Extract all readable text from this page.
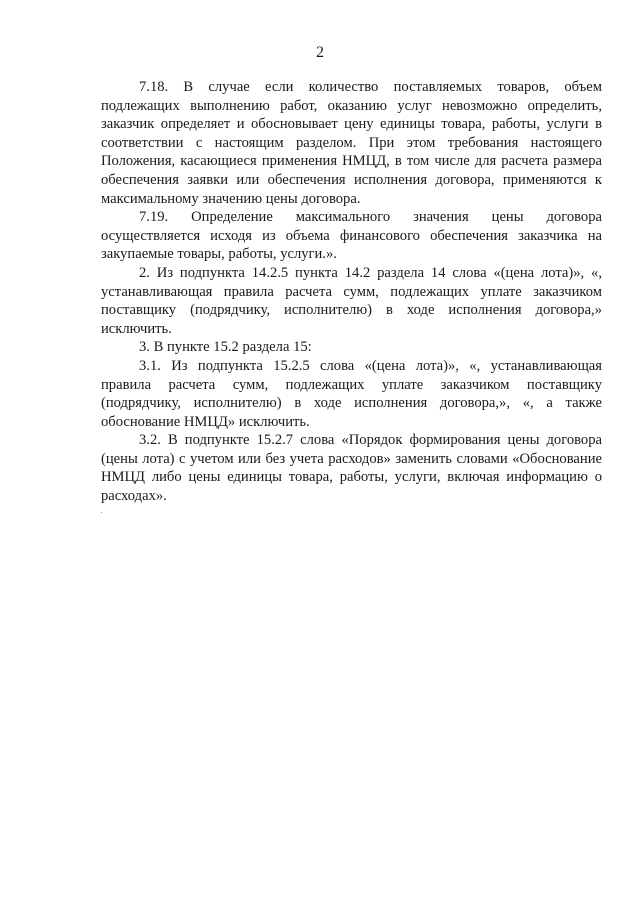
2

7.18. В случае если количество поставляемых товаров, объем подлежащих выполнению работ, оказанию услуг невозможно определить, заказчик определяет и обосновывает цену единицы товара, работы, услуги в соответствии с настоящим разделом. При этом требования настоящего Положения, касающиеся применения НМЦД, в том числе для расчета размера обеспечения заявки или обеспечения исполнения договора, применяются к максимальному значению цены договора.

7.19. Определение максимального значения цены договора осуществляется исходя из объема финансового обеспечения заказчика на закупаемые товары, работы, услуги.».

2. Из подпункта 14.2.5 пункта 14.2 раздела 14 слова «(цена лота)», «, устанавливающая правила расчета сумм, подлежащих уплате заказчиком поставщику (подрядчику, исполнителю) в ходе исполнения договора,» исключить.

3. В пункте 15.2 раздела 15:

3.1. Из подпункта 15.2.5 слова «(цена лота)», «, устанавливающая правила расчета сумм, подлежащих уплате заказчиком поставщику (подрядчику, исполнителю) в ходе исполнения договора,», «, а также обоснование НМЦД» исключить.

3.2. В подпункте 15.2.7 слова «Порядок формирования цены договора (цены лота) с учетом или без учета расходов» заменить словами «Обоснование НМЦД либо цены единицы товара, работы, услуги, включая информацию о расходах».
